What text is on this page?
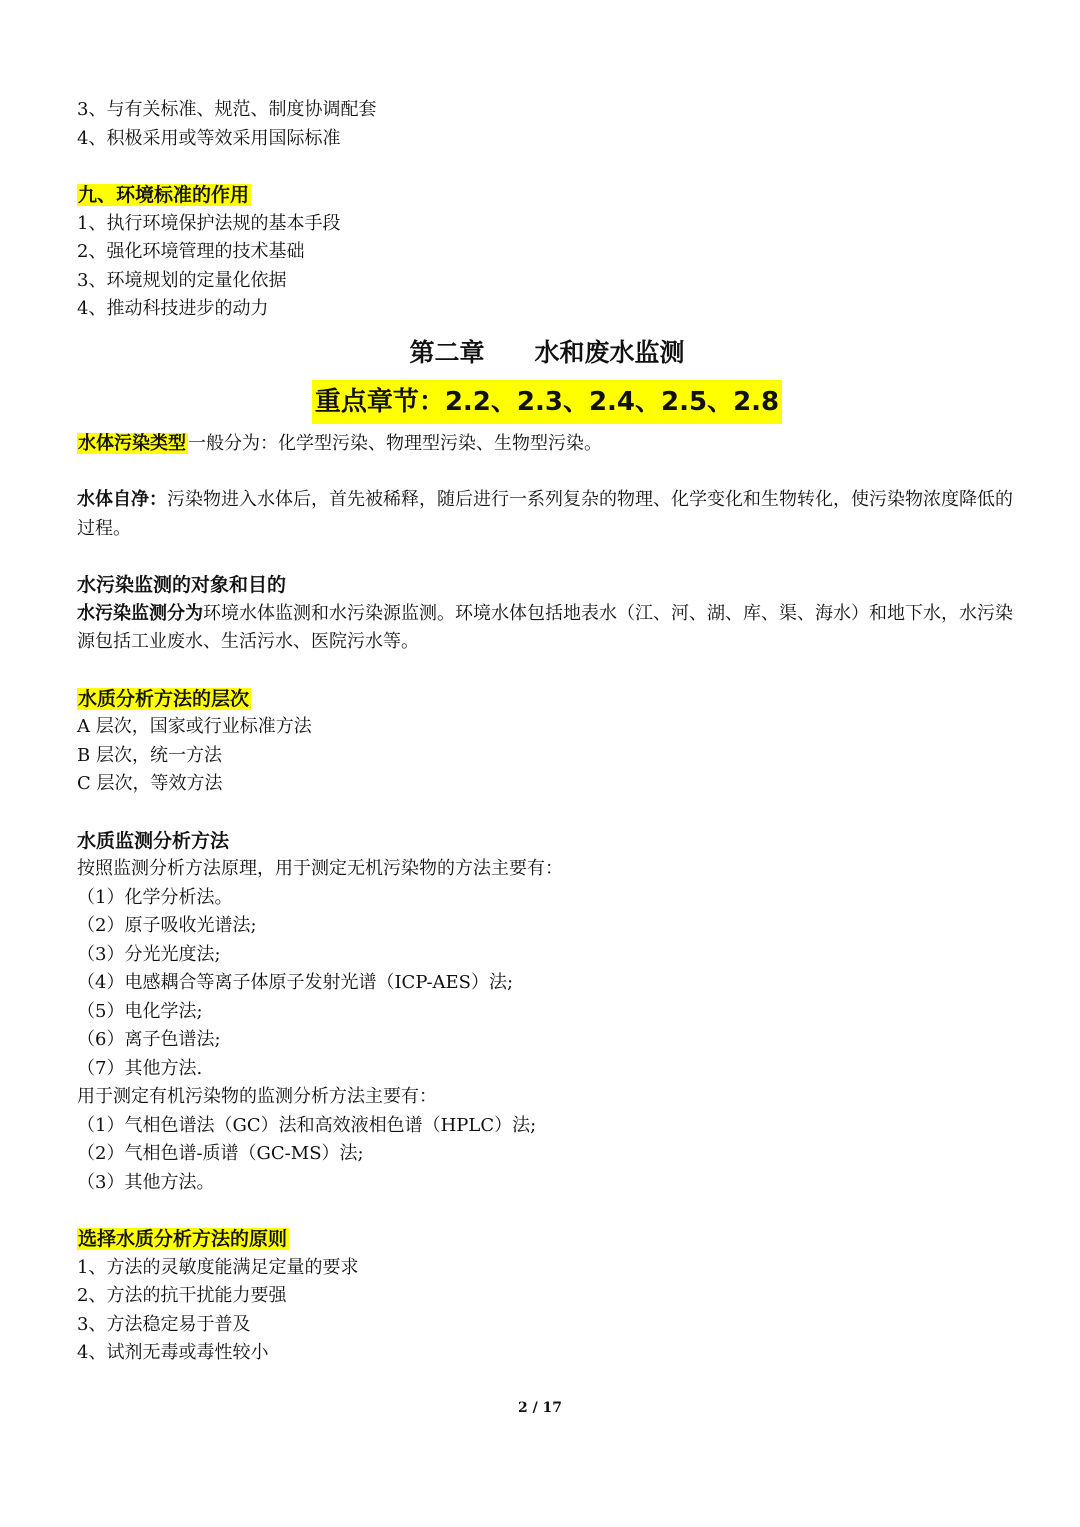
3、与有关标准、规范、制度协调配套
4、积极采用或等效采用国际标准
九、环境标准的作用
1、执行环境保护法规的基本手段
2、强化环境管理的技术基础
3、环境规划的定量化依据
4、推动科技进步的动力
第二章　　水和废水监测
重点章节：2.2、2.3、2.4、2.5、2.8
水体污染类型 一般分为：化学型污染、物理型污染、生物型污染。
水体自净：污染物进入水体后，首先被稀释，随后进行一系列复杂的物理、化学变化和生物转化，使污染物浓度降低的过程。
水污染监测的对象和目的
水污染监测分为环境水体监测和水污染源监测。环境水体包括地表水（江、河、湖、库、渠、海水）和地下水，水污染源包括工业废水、生活污水、医院污水等。
水质分析方法的层次
A 层次，国家或行业标准方法
B 层次，统一方法
C 层次，等效方法
水质监测分析方法
按照监测分析方法原理，用于测定无机污染物的方法主要有：
（1）化学分析法。
（2）原子吸收光谱法;
（3）分光光度法;
（4）电感耦合等离子体原子发射光谱（ICP-AES）法;
（5）电化学法;
（6）离子色谱法;
（7）其他方法.
用于测定有机污染物的监测分析方法主要有：
（1）气相色谱法（GC）法和高效液相色谱（HPLC）法;
（2）气相色谱-质谱（GC-MS）法;
（3）其他方法。
选择水质分析方法的原则
1、方法的灵敏度能满足定量的要求
2、方法的抗干扰能力要强
3、方法稳定易于普及
4、试剂无毒或毒性较小
2 / 17
